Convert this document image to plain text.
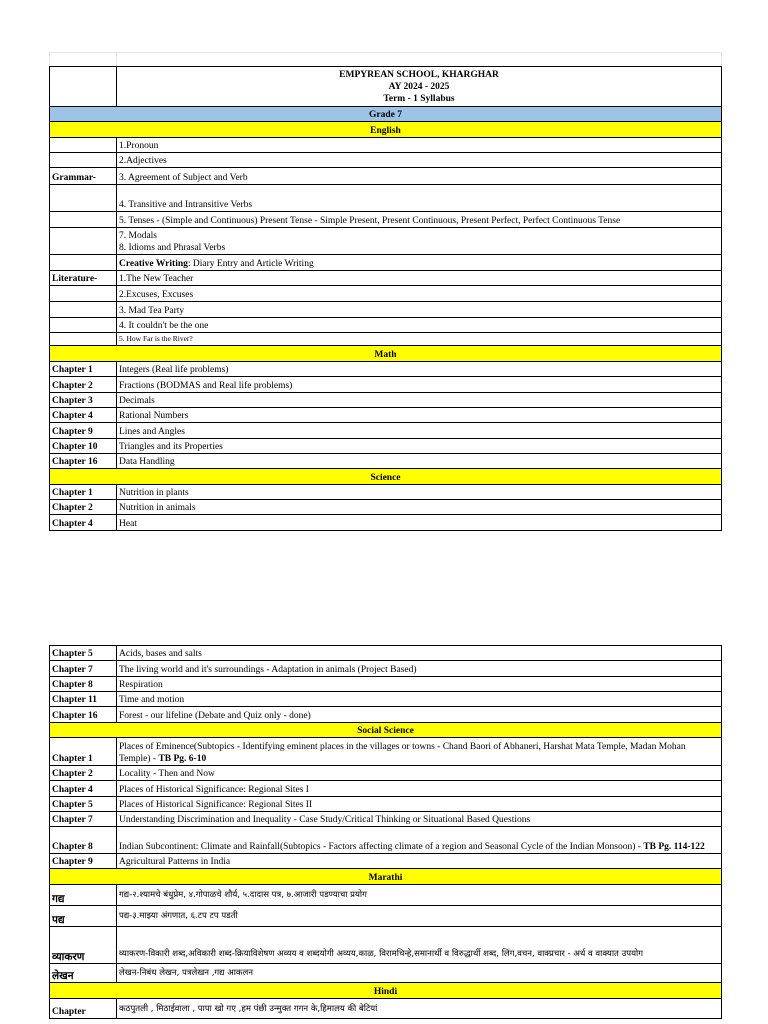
	EMPYREAN SCHOOL, KHARGHAR
AY 2024 - 2025
Term - 1 Syllabus

Grade 7	
English	
	1.Pronoun
	2.Adjectives
Grammar-	3. Agreement of Subject and Verb
	4. Transitive and Intransitive Verbs
	5. Tenses - (Simple and Continuous) Present Tense - Simple Present, Present Continuous, Present Perfect, Perfect Continuous Tense

	7. Modals
8. Idioms and Phrasal Verbs

	Creative Writing: Diary Entry and Article Writing
Literature-	1.The New Teacher
	2.Excuses, Excuses
	3. Mad Tea Party
	4. It couldn't be the one
	5. How Far is the River?
Math	
Chapter 1	Integers (Real life problems)
Chapter 2	Fractions (BODMAS and Real life problems)
Chapter 3	Decimals
Chapter 4	Rational Numbers
Chapter 9	Lines and Angles
Chapter 10	Triangles and its Properties
Chapter 16	Data Handling
Science	
Chapter 1	Nutrition in plants
Chapter 2	Nutrition in animals
Chapter 4	Heat
Chapter 5	Acids, bases and salts
Chapter 7	The living world and it's surroundings - Adaptation in animals (Project Based)
Chapter 8	Respiration
Chapter 11	Time and motion
Chapter 16	Forest - our lifeline (Debate and Quiz only - done)
Social Science	
Chapter 1	Places of Eminence(Subtopics - Identifying eminent places in the villages or towns - Chand Baori of Abhaneri, Harshat Mata Temple, Madan Mohan Temple) - TB Pg. 6-10
Chapter 2	Locality - Then and Now
Chapter 4	Places of Historical Significance: Regional Sites I
Chapter 5	Places of Historical Significance: Regional Sites II
Chapter 7	Understanding Discrimination and Inequality - Case Study/Critical Thinking or Situational Based Questions
Chapter 8	Indian Subcontinent: Climate and Rainfall(Subtopics - Factors affecting climate of a region and Seasonal Cycle of the Indian Monsoon) - TB Pg. 114-122
Chapter 9	Agricultural Patterns in India
Marathi	
गद्य	गद्य-२.श्यामचे बंधुप्रेम, ४.गोपाळचे शौर्य, ५.दादास पत्र, ७.आजारी पडण्याचा प्रयोग
पद्य	पद्य-३.माझ्या अंगणात, ६.टप टप पडती
व्याकरण	व्याकरण-विकारी शब्द,अविकारी शब्द-क्रियाविशेषण अव्यय व शब्दयोगी अव्यय,काळ, विरामचिन्हे,समानार्थी व विरुद्धार्थी शब्द, लिंग,वचन, वाक्प्रचार - अर्थ व वाक्यात उपयोग
लेखन	लेखन-निबंध लेखन, पत्रलेखन ,गद्य आकलन
Hindi	
Chapter	कठपुतली , मिठाईवाला , पापा खो गए ,हम पंछी उन्मुक्त गगन के,हिमालय की बेटियां
